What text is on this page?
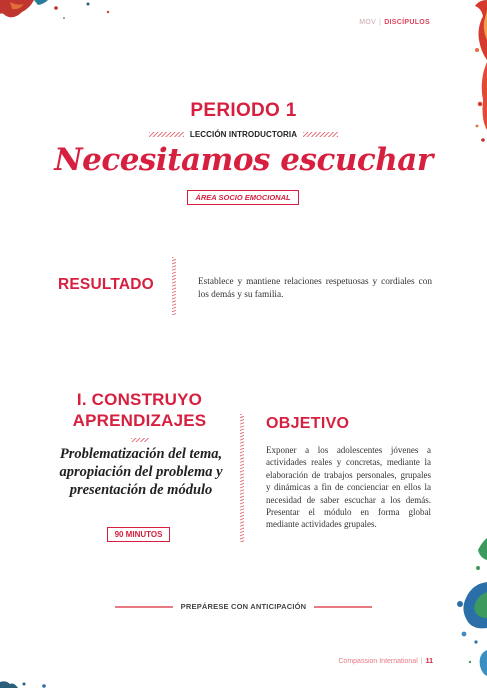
MOV | DISCÍPULOS
PERIODO 1
LECCIÓN INTRODUCTORIA
Necesitamos escuchar
ÁREA SOCIO EMOCIONAL
RESULTADO	Establece y mantiene relaciones respetuosas y cordiales con los demás y su familia.
I. CONSTRUYO
APRENDIZAJES
Problematización del tema, apropiación del problema y presentación de módulo
90 MINUTOS
OBJETIVO
Exponer a los adolescentes jóvenes a actividades reales y concretas, mediante la elaboración de trabajos personales, grupales y dinámicas a fin de concienciar en ellos la necesidad de saber escuchar a los demás. Presentar el módulo en forma global mediante actividades grupales.
PREPÁRESE CON ANTICIPACIÓN
Compassion International | 11
